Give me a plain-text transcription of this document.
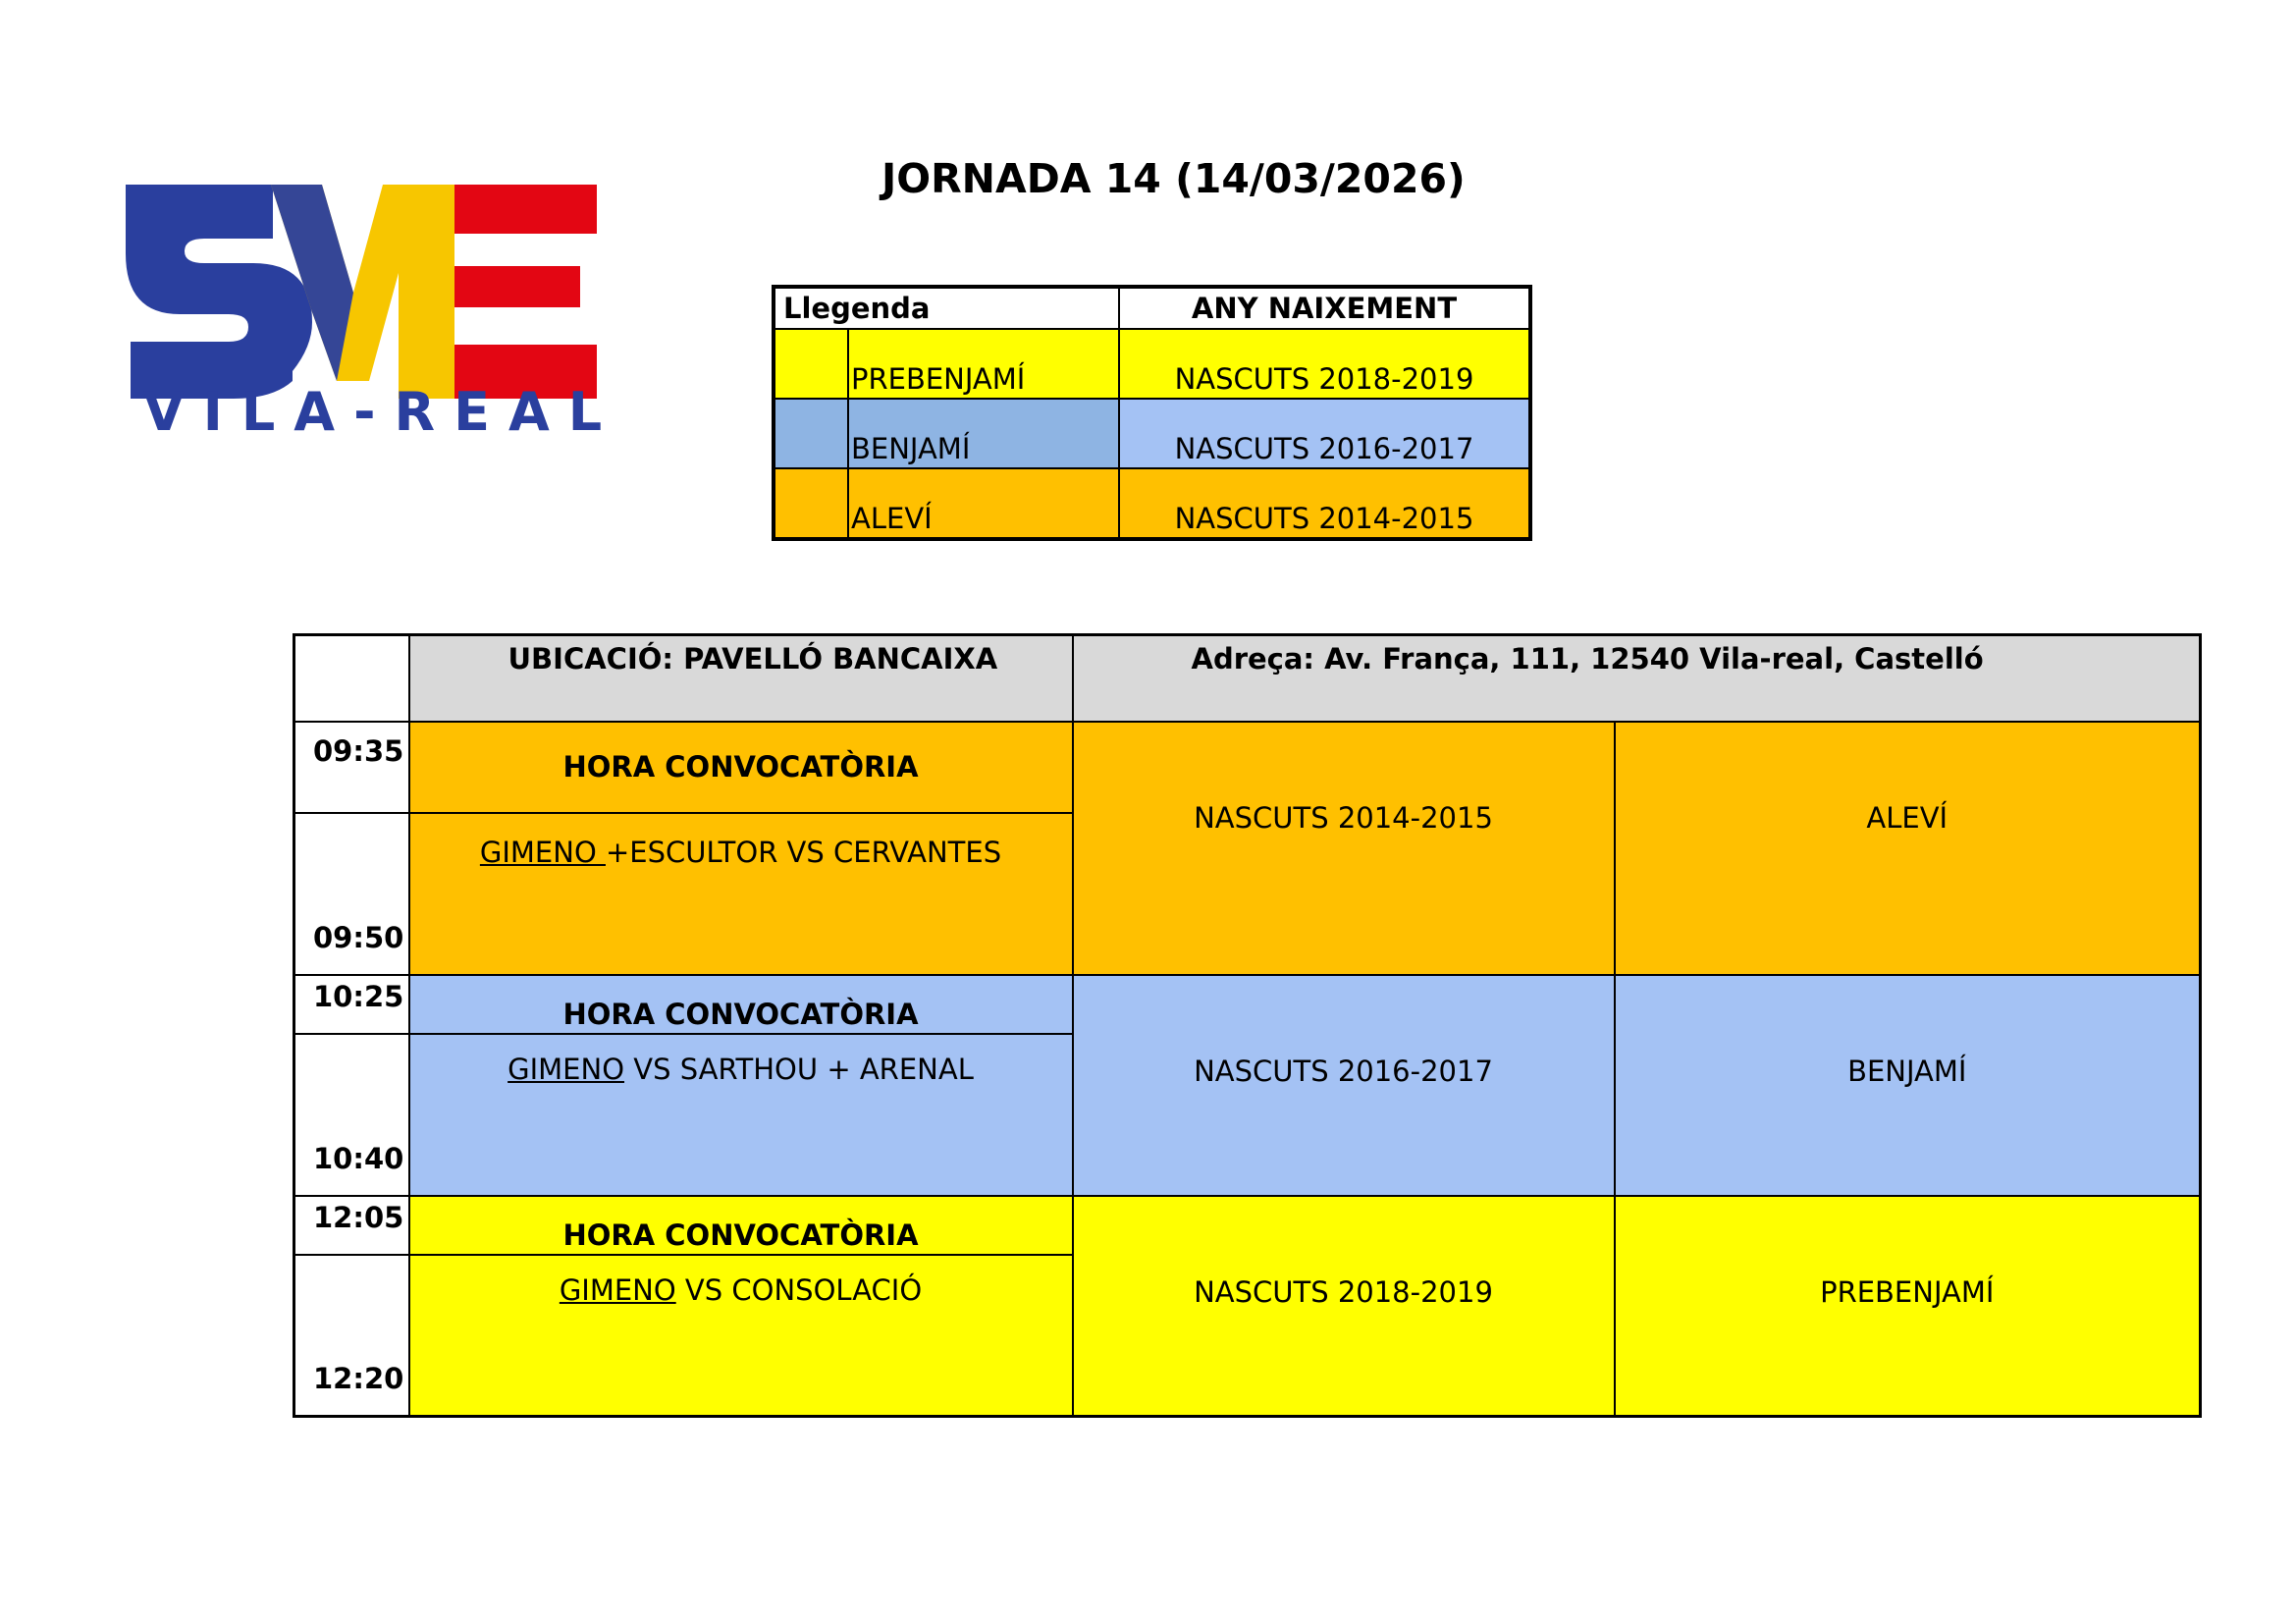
VILA-REAL
JORNADA 14 (14/03/2026)
Llegenda		ANY NAIXEMENT
	PREBENJAMÍ	NASCUTS 2018-2019
	BENJAMÍ	NASCUTS 2016-2017
	ALEVÍ	NASCUTS 2014-2015
	UBICACIÓ: PAVELLÓ BANCAIXA	Adreça: Av. França, 111, 12540 Vila-real, Castelló	
09:35	HORA CONVOCATÒRIA	NASCUTS 2014-2015	ALEVÍ
09:50	GIMENO +ESCULTOR VS CERVANTES		
10:25	HORA CONVOCATÒRIA	NASCUTS 2016-2017	BENJAMÍ
10:40	GIMENO VS SARTHOU + ARENAL		
12:05	HORA CONVOCATÒRIA	NASCUTS 2018-2019	PREBENJAMÍ
12:20	GIMENO VS CONSOLACIÓ		
